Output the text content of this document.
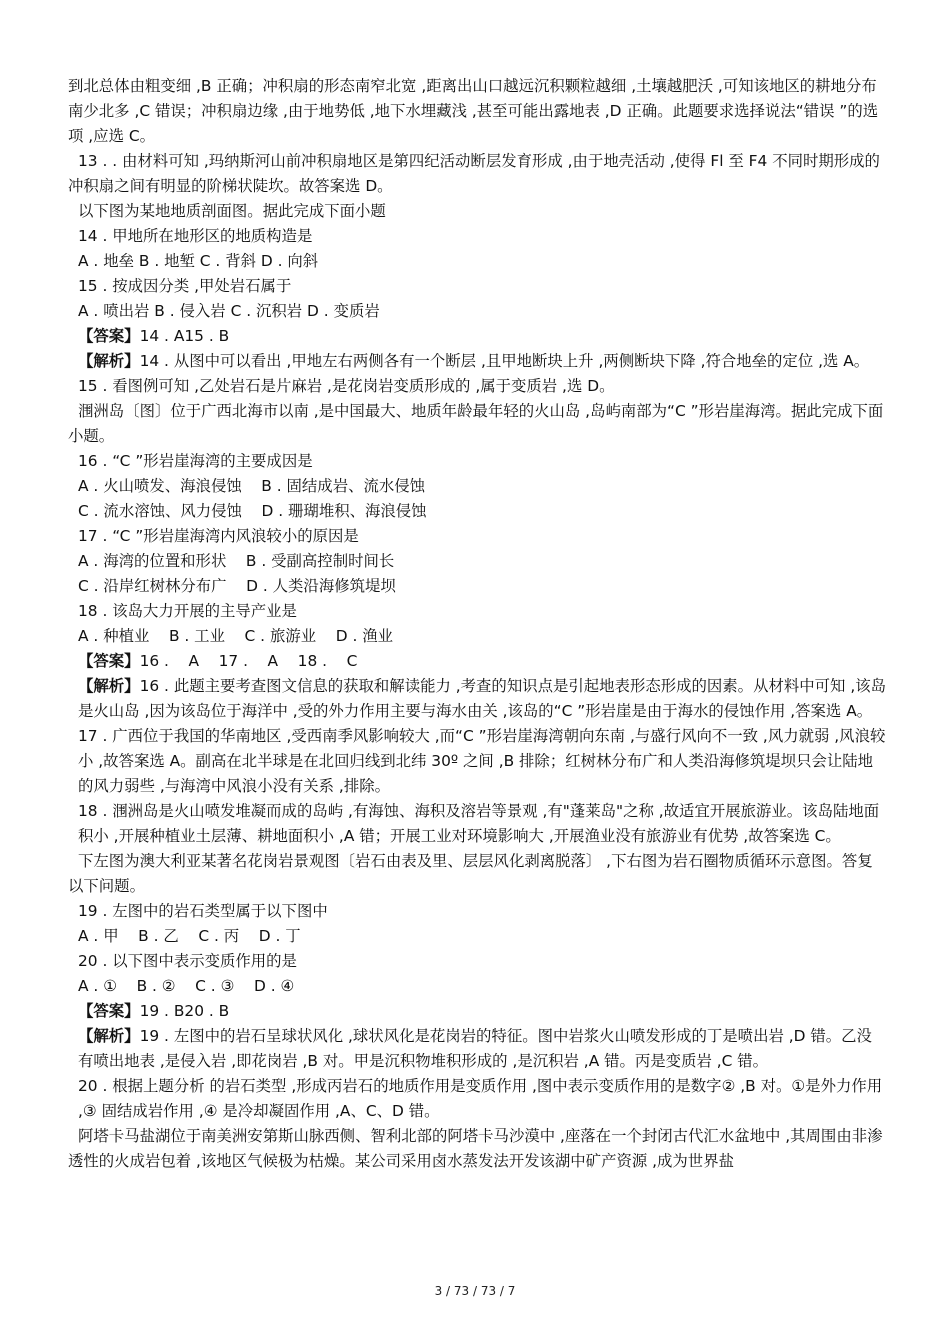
到北总体由粗变细 ,B 正确；冲积扇的形态南窄北宽 ,距离出山口越远沉积颗粒越细 ,土壤越肥沃 ,可知该地区的耕地分布南少北多 ,C 错误；冲积扇边缘 ,由于地势低 ,地下水埋藏浅 ,甚至可能出露地表 ,D 正确。此题要求选择说法“错误 ”的选项 ,应选 C。

13 . . 由材料可知 ,玛纳斯河山前冲积扇地区是第四纪活动断层发育形成 ,由于地壳活动 ,使得 Fl 至 F4 不同时期形成的冲积扇之间有明显的阶梯状陡坎。故答案选 D。

以下图为某地地质剖面图。据此完成下面小题

14 . 甲地所在地形区的地质构造是

A . 地垒 B . 地堑 C . 背斜 D . 向斜

15 . 按成因分类 ,甲处岩石属于

A . 喷出岩 B . 侵入岩 C . 沉积岩 D . 变质岩

【答案】14 . A15 . B

【解析】14 . 从图中可以看出 ,甲地左右两侧各有一个断层 ,且甲地断块上升 ,两侧断块下降 ,符合地垒的定位 ,选 A。

15 . 看图例可知 ,乙处岩石是片麻岩 ,是花岗岩变质形成的 ,属于变质岩 ,选 D。

涠洲岛〔图〕位于广西北海市以南 ,是中国最大、地质年龄最年轻的火山岛 ,岛屿南部为“C ”形岩崖海湾。据此完成下面小题。

16 . “C ”形岩崖海湾的主要成因是

A . 火山喷发、海浪侵蚀    B . 固结成岩、流水侵蚀

C . 流水溶蚀、风力侵蚀    D . 珊瑚堆积、海浪侵蚀

17 . “C ”形岩崖海湾内风浪较小的原因是

A . 海湾的位置和形状    B . 受副高控制时间长

C . 沿岸红树林分布广    D . 人类沿海修筑堤坝

18 . 该岛大力开展的主导产业是

A . 种植业    B . 工业    C . 旅游业    D . 渔业

【答案】16 .    A    17 .    A    18 .    C

【解析】16 . 此题主要考查图文信息的获取和解读能力 ,考查的知识点是引起地表形态形成的因素。从材料中可知 ,该岛是火山岛 ,因为该岛位于海洋中 ,受的外力作用主要与海水由关 ,该岛的“C ”形岩崖是由于海水的侵蚀作用 ,答案选 A。

17 . 广西位于我国的华南地区 ,受西南季风影响较大 ,而“C ”形岩崖海湾朝向东南 ,与盛行风向不一致 ,风力就弱 ,风浪较小 ,故答案选 A。副高在北半球是在北回归线到北纬 30º 之间 ,B 排除；红树林分布广和人类沿海修筑堤坝只会让陆地的风力弱些 ,与海湾中风浪小没有关系 ,排除。

18 . 涠洲岛是火山喷发堆凝而成的岛屿 ,有海蚀、海积及溶岩等景观 ,有"蓬莱岛"之称 ,故适宜开展旅游业。该岛陆地面积小 ,开展种植业土层薄、耕地面积小 ,A 错；开展工业对环境影响大 ,开展渔业没有旅游业有优势 ,故答案选 C。

下左图为澳大利亚某著名花岗岩景观图〔岩石由表及里、层层风化剥离脱落〕 ,下右图为岩石圈物质循环示意图。答复以下问题。

19 . 左图中的岩石类型属于以下图中

A . 甲    B . 乙    C . 丙    D . 丁

20 . 以下图中表示变质作用的是

A . ①    B . ②    C . ③    D . ④

【答案】19 . B20 . B

【解析】19 . 左图中的岩石呈球状风化 ,球状风化是花岗岩的特征。图中岩浆火山喷发形成的丁是喷出岩 ,D 错。乙没有喷出地表 ,是侵入岩 ,即花岗岩 ,B 对。甲是沉积物堆积形成的 ,是沉积岩 ,A 错。丙是变质岩 ,C 错。

20 . 根据上题分析 的岩石类型 ,形成丙岩石的地质作用是变质作用 ,图中表示变质作用的是数字② ,B 对。①是外力作用 ,③ 固结成岩作用 ,④ 是冷却凝固作用 ,A、C、D 错。

阿塔卡马盐湖位于南美洲安第斯山脉西侧、智利北部的阿塔卡马沙漠中 ,座落在一个封闭古代汇水盆地中 ,其周围由非渗透性的火成岩包着 ,该地区气候极为枯燥。某公司采用卤水蒸发法开发该湖中矿产资源 ,成为世界盐

3 / 73 / 73 / 7
